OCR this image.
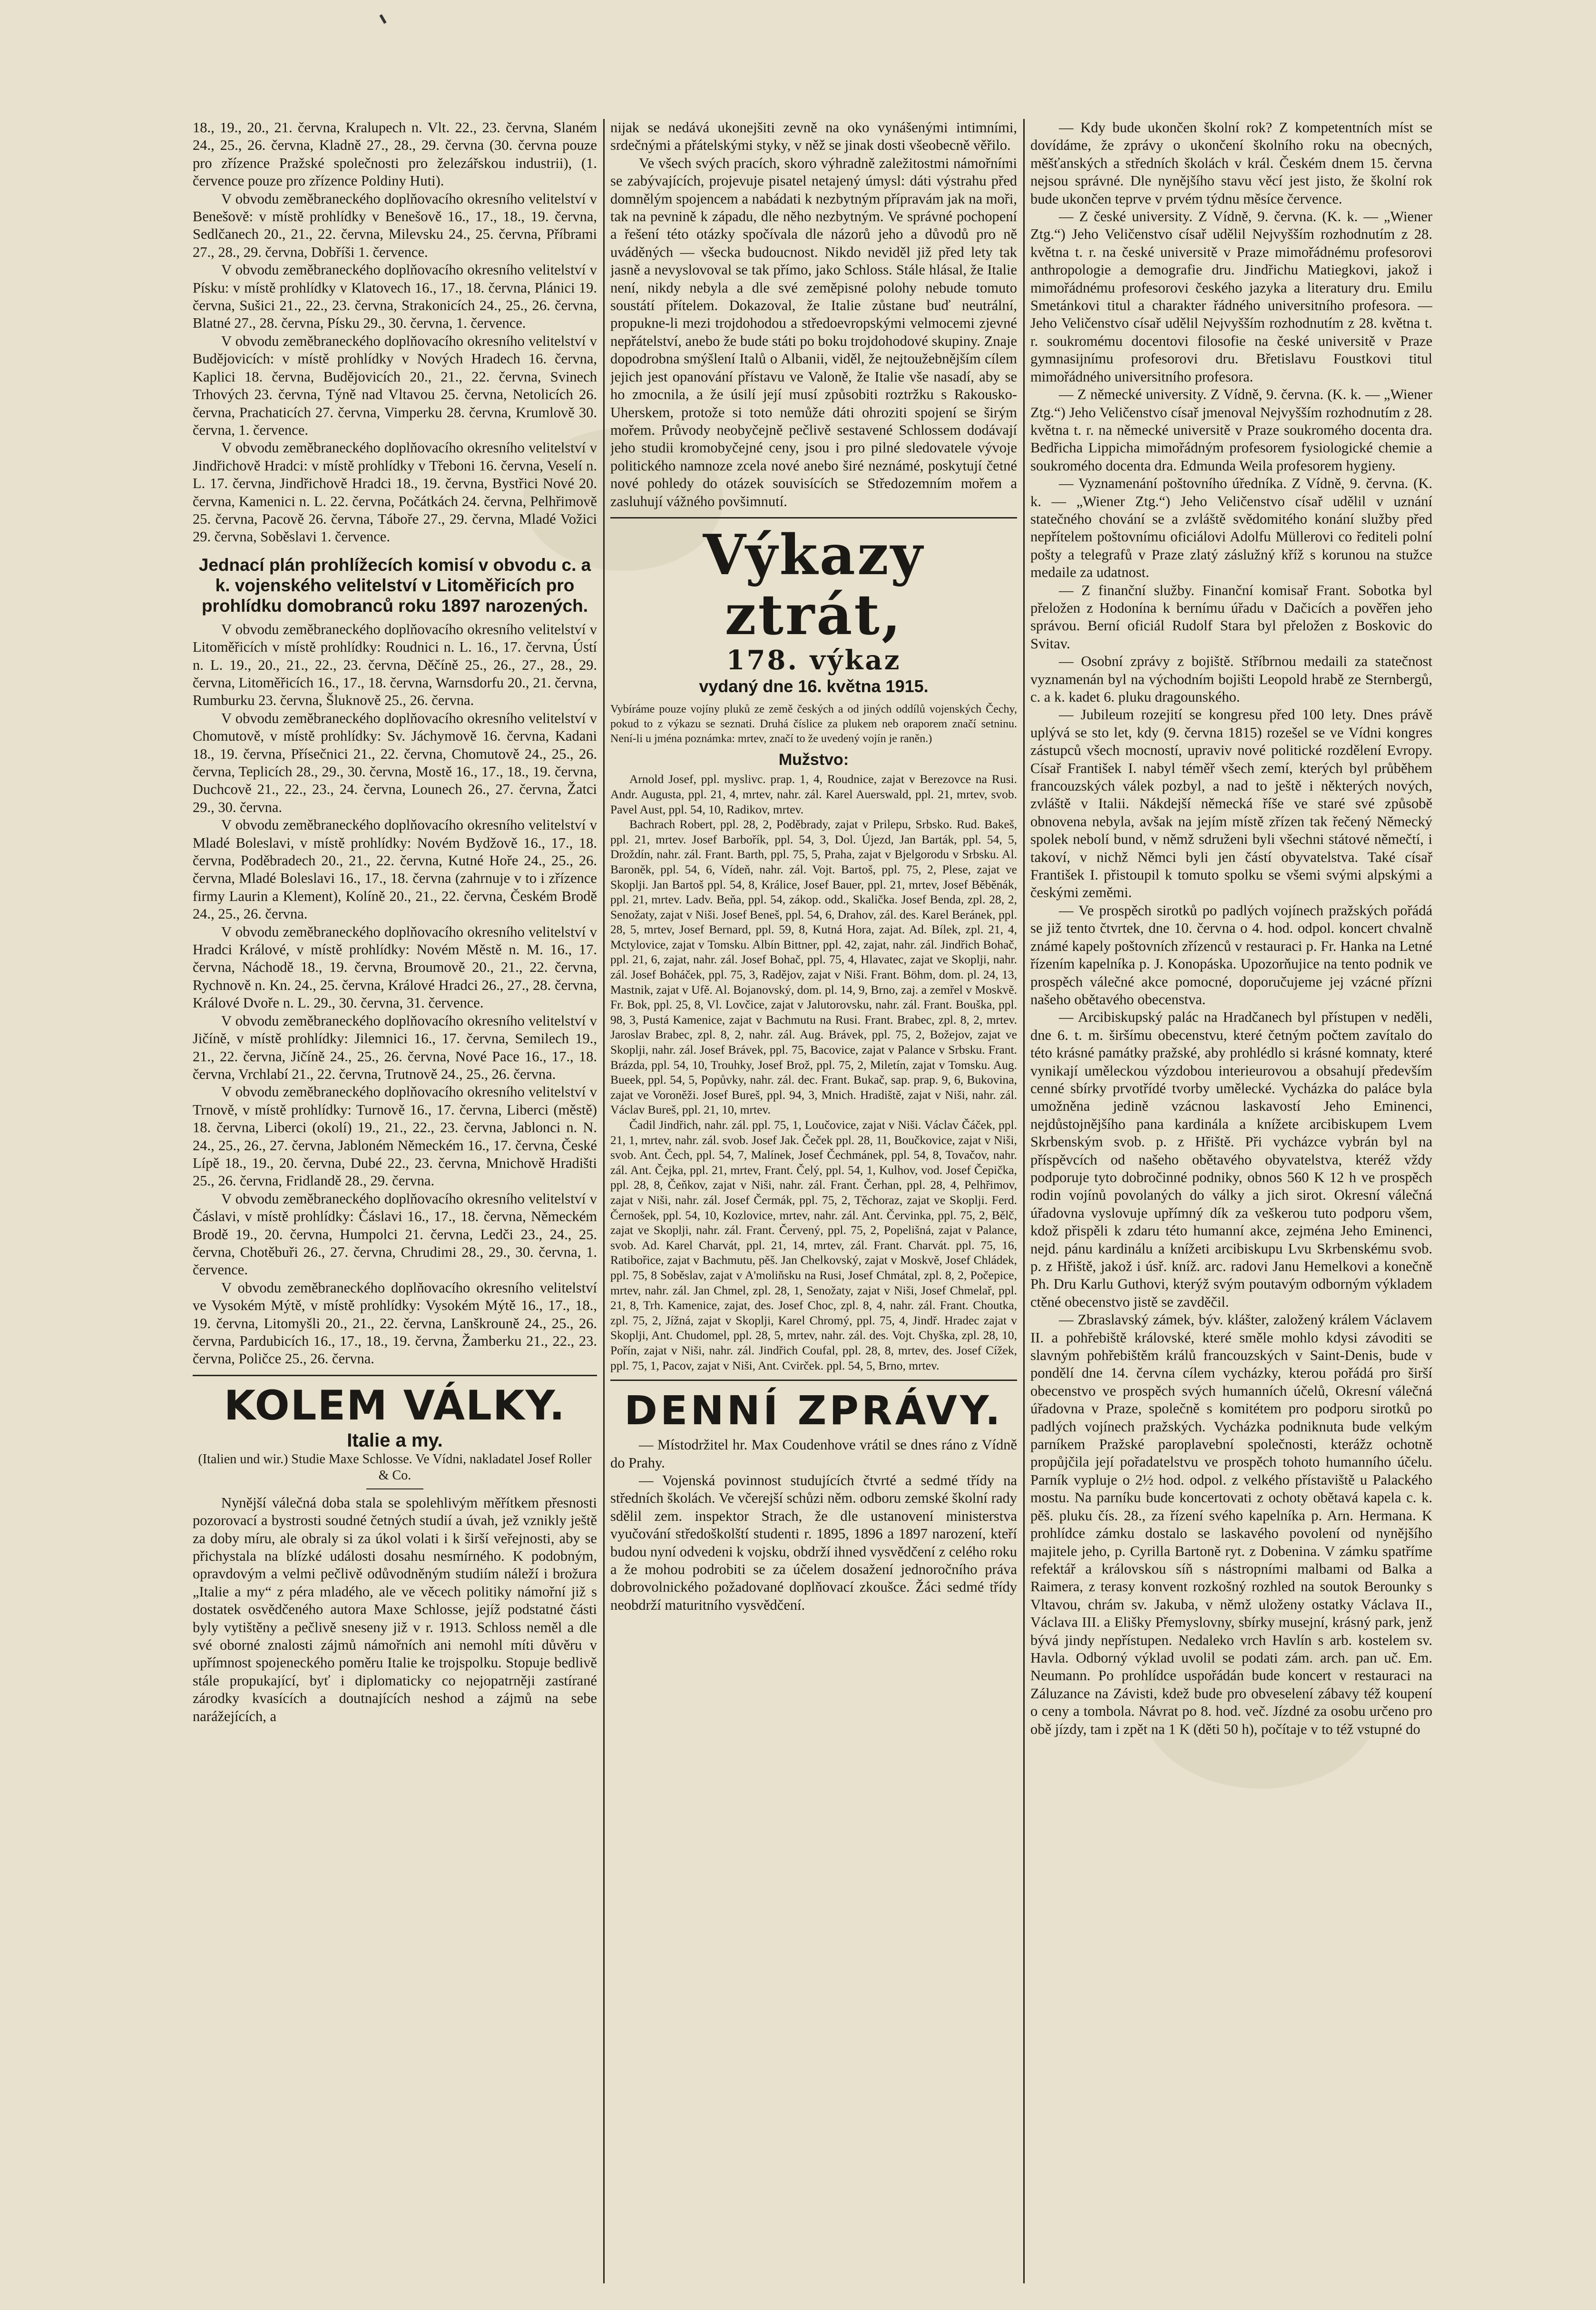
18., 19., 20., 21. června, Kralupech n. Vlt. 22., 23. června, Slaném 24., 25., 26. června, Kladně 27., 28., 29. června (30. června pouze pro zřízence Pražské společnosti pro železářskou industrii), (1. července pouze pro zřízence Poldiny Huti).

V obvodu zeměbraneckého doplňovacího okresního velitelství v Benešově: v místě prohlídky v Benešově 16., 17., 18., 19. června, Sedlčanech 20., 21., 22. června, Milevsku 24., 25. června, Příbrami 27., 28., 29. června, Dobříši 1. července.

V obvodu zeměbraneckého doplňovacího okresního velitelství v Písku: v místě prohlídky v Klatovech 16., 17., 18. června, Plánici 19. června, Sušici 21., 22., 23. června, Strakonicích 24., 25., 26. června, Blatné 27., 28. června, Písku 29., 30. června, 1. července.

V obvodu zeměbraneckého doplňovacího okresního velitelství v Budějovicích: v místě prohlídky v Nových Hradech 16. června, Kaplici 18. června, Budějovicích 20., 21., 22. června, Svinech Trhových 23. června, Týně nad Vltavou 25. června, Netolicích 26. června, Prachaticích 27. června, Vimperku 28. června, Krumlově 30. června, 1. července.

V obvodu zeměbraneckého doplňovacího okresního velitelství v Jindřichově Hradci: v místě prohlídky v Třeboni 16. června, Veselí n. L. 17. června, Jindřichově Hradci 18., 19. června, Bystřici Nové 20. června, Kamenici n. L. 22. června, Počátkách 24. června, Pelhřimově 25. června, Pacově 26. června, Táboře 27., 29. června, Mladé Vožici 29. června, Soběslavi 1. července.

Jednací plán prohlížecích komisí v obvodu c. a k. vojenského velitelství v Litoměřicích pro prohlídku domobranců roku 1897 narozených.

V obvodu zeměbraneckého doplňovacího okresního velitelství v Litoměřicích v místě prohlídky: Roudnici n. L. 16., 17. června, Ústí n. L. 19., 20., 21., 22., 23. června, Děčíně 25., 26., 27., 28., 29. června, Litoměřicích 16., 17., 18. června, Warnsdorfu 20., 21. června, Rumburku 23. června, Šluknově 25., 26. června.

V obvodu zeměbraneckého doplňovacího okresního velitelství v Chomutově, v místě prohlídky: Sv. Jáchymově 16. června, Kadani 18., 19. června, Přísečnici 21., 22. června, Chomutově 24., 25., 26. června, Teplicích 28., 29., 30. června, Mostě 16., 17., 18., 19. června, Duchcově 21., 22., 23., 24. června, Lounech 26., 27. června, Žatci 29., 30. června.

V obvodu zeměbraneckého doplňovacího okresního velitelství v Mladé Boleslavi, v místě prohlídky: Novém Bydžově 16., 17., 18. června, Poděbradech 20., 21., 22. června, Kutné Hoře 24., 25., 26. června, Mladé Boleslavi 16., 17., 18. června (zahrnuje v to i zřízence firmy Laurin a Klement), Kolíně 20., 21., 22. června, Českém Brodě 24., 25., 26. června.

V obvodu zeměbraneckého doplňovacího okresního velitelství v Hradci Králové, v místě prohlídky: Novém Městě n. M. 16., 17. června, Náchodě 18., 19. června, Broumově 20., 21., 22. června, Rychnově n. Kn. 24., 25. června, Králové Hradci 26., 27., 28. června, Králové Dvoře n. L. 29., 30. června, 31. července.

V obvodu zeměbraneckého doplňovacího okresního velitelství v Jičíně, v místě prohlídky: Jilemnici 16., 17. června, Semilech 19., 21., 22. června, Jičíně 24., 25., 26. června, Nové Pace 16., 17., 18. června, Vrchlabí 21., 22. června, Trutnově 24., 25., 26. června.

V obvodu zeměbraneckého doplňovacího okresního velitelství v Trnově, v místě prohlídky: Turnově 16., 17. června, Liberci (městě) 18. června, Liberci (okolí) 19., 21., 22., 23. června, Jablonci n. N. 24., 25., 26., 27. června, Jabloném Německém 16., 17. června, České Lípě 18., 19., 20. června, Dubé 22., 23. června, Mnichově Hradišti 25., 26. června, Fridlandě 28., 29. června.

V obvodu zeměbraneckého doplňovacího okresního velitelství v Čáslavi, v místě prohlídky: Čáslavi 16., 17., 18. června, Německém Brodě 19., 20. června, Humpolci 21. června, Ledči 23., 24., 25. června, Chotěbuři 26., 27. června, Chrudimi 28., 29., 30. června, 1. července.

V obvodu zeměbraneckého doplňovacího okresního velitelství ve Vysokém Mýtě, v místě prohlídky: Vysokém Mýtě 16., 17., 18., 19. června, Litomyšli 20., 21., 22. června, Lanškrouně 24., 25., 26. června, Pardubicích 16., 17., 18., 19. června, Žamberku 21., 22., 23. června, Poličce 25., 26. června.

KOLEM VÁLKY.
Italie a my.
(Italien und wir.) Studie Maxe Schlosse. Ve Vídni, nakladatel Josef Roller & Co.

Nynější válečná doba stala se spolehlivým měřítkem přesnosti pozorovací a bystrosti soudné četných studií a úvah, jež vznikly ještě za doby míru, ale obraly si za úkol volati i k širší veřejnosti, aby se přichystala na blízké události dosahu nesmírného. K podobným, opravdovým a velmi pečlivě odůvodněným studiím náleží i brožura „Italie a my“ z péra mladého, ale ve věcech politiky námořní již s dostatek osvědčeného autora Maxe Schlosse, jejíž podstatné části byly vytištěny a pečlivě sneseny již v r. 1913. Schloss neměl a dle své oborné znalosti zájmů námořních ani nemohl míti důvěru v upřímnost spojeneckého poměru Italie ke trojspolku. Stopuje bedlivě stále propukající, byť i diplomaticky co nejopatrněji zastírané zárodky kvasících a doutnajících neshod a zájmů na sebe narážejících, a

nijak se nedává ukonejšiti zevně na oko vynášenými intimními, srdečnými a přátelskými styky, v něž se jinak dosti všeobecně věřilo.

Ve všech svých pracích, skoro výhradně zaležitostmi námořními se zabývajících, projevuje pisatel netajený úmysl: dáti výstrahu před domnělým spojencem a nabádati k nezbytným přípravám jak na moři, tak na pevnině k západu, dle něho nezbytným. Ve správné pochopení a řešení této otázky spočívala dle názorů jeho a důvodů pro ně uváděných — všecka budoucnost. Nikdo neviděl již před lety tak jasně a nevyslovoval se tak přímo, jako Schloss. Stále hlásal, že Italie není, nikdy nebyla a dle své zeměpisné polohy nebude tomuto soustátí přítelem. Dokazoval, že Italie zůstane buď neutrální, propukne-li mezi trojdohodou a středoevropskými velmocemi zjevné nepřátelství, anebo že bude státi po boku trojdohodové skupiny. Znaje dopodrobna smýšlení Italů o Albanii, viděl, že nejtoužebnějším cílem jejich jest opanování přístavu ve Valoně, že Italie vše nasadí, aby se ho zmocnila, a že úsilí její musí způsobiti roztržku s Rakousko-Uherskem, protože si toto nemůže dáti ohroziti spojení se širým mořem. Průvody neobyčejně pečlivě sestavené Schlossem dodávají jeho studii kromobyčejné ceny, jsou i pro pilné sledovatele vývoje politického namnoze zcela nové anebo širé neznámé, poskytují četné nové pohledy do otázek souvisících se Středozemním mořem a zasluhují vážného povšimnutí.

Výkazy ztrát,
178. výkaz
vydaný dne 16. května 1915.
Vybíráme pouze vojíny pluků ze země českých a od jiných oddílů vojenských Čechy, pokud to z výkazu se seznati. Druhá číslice za plukem neb oraporem značí setninu. Není-li u jména poznámka: mrtev, značí to že uvedený vojín je raněn.)
Mužstvo:

Arnold Josef, ppl. myslivc. prap. 1, 4, Roudnice, zajat v Berezovce na Rusi. Andr. Augusta, ppl. 21, 4, mrtev, nahr. zál. Karel Auerswald, ppl. 21, mrtev, svob. Pavel Aust, ppl. 54, 10, Radikov, mrtev.

Bachrach Robert, ppl. 28, 2, Poděbrady, zajat v Prilepu, Srbsko. Rud. Bakeš, ppl. 21, mrtev. Josef Barbořík, ppl. 54, 3, Dol. Újezd, Jan Barták, ppl. 54, 5, Droždín, nahr. zál. Frant. Barth, ppl. 75, 5, Praha, zajat v Bjelgorodu v Srbsku. Al. Baroněk, ppl. 54, 6, Vídeň, nahr. zál. Vojt. Bartoš, ppl. 75, 2, Plese, zajat ve Skoplji. Jan Bartoš ppl. 54, 8, Králice, Josef Bauer, ppl. 21, mrtev, Josef Běběnák, ppl. 21, mrtev. Ladv. Beňa, ppl. 54, zákop. odd., Skalička. Josef Benda, zpl. 28, 2, Senožaty, zajat v Niši. Josef Beneš, ppl. 54, 6, Drahov, zál. des. Karel Beránek, ppl. 28, 5, mrtev, Josef Bernard, ppl. 59, 8, Kutná Hora, zajat. Ad. Bílek, zpl. 21, 4, Mctylovice, zajat v Tomsku. Albín Bittner, ppl. 42, zajat, nahr. zál. Jindřich Bohač, ppl. 21, 6, zajat, nahr. zál. Josef Bohač, ppl. 75, 4, Hlavatec, zajat ve Skoplji, nahr. zál. Josef Boháček, ppl. 75, 3, Radějov, zajat v Niši. Frant. Böhm, dom. pl. 24, 13, Mastnik, zajat v Ufě. Al. Bojanovský, dom. pl. 14, 9, Brno, zaj. a zemřel v Moskvě. Fr. Bok, ppl. 25, 8, Vl. Lovčice, zajat v Jalutorovsku, nahr. zál. Frant. Bouška, ppl. 98, 3, Pustá Kamenice, zajat v Bachmutu na Rusi. Frant. Brabec, zpl. 8, 2, mrtev. Jaroslav Brabec, zpl. 8, 2, nahr. zál. Aug. Brávek, ppl. 75, 2, Božejov, zajat ve Skoplji, nahr. zál. Josef Brávek, ppl. 75, Bacovice, zajat v Palance v Srbsku. Frant. Brázda, ppl. 54, 10, Trouhky, Josef Brož, ppl. 75, 2, Miletín, zajat v Tomsku. Aug. Bueek, ppl. 54, 5, Popůvky, nahr. zál. dec. Frant. Bukač, sap. prap. 9, 6, Bukovina, zajat ve Voroněži. Josef Bureš, ppl. 94, 3, Mnich. Hradiště, zajat v Niši, nahr. zál. Václav Bureš, ppl. 21, 10, mrtev.

Čadil Jindřich, nahr. zál. ppl. 75, 1, Loučovice, zajat v Niši. Václav Čáček, ppl. 21, 1, mrtev, nahr. zál. svob. Josef Jak. Čeček ppl. 28, 11, Boučkovice, zajat v Niši, svob. Ant. Čech, ppl. 54, 7, Malínek, Josef Čechmánek, ppl. 54, 8, Tovačov, nahr. zál. Ant. Čejka, ppl. 21, mrtev, Frant. Čelý, ppl. 54, 1, Kulhov, vod. Josef Čepička, ppl. 28, 8, Čeňkov, zajat v Niši, nahr. zál. Frant. Čerhan, ppl. 28, 4, Pelhřimov, zajat v Niši, nahr. zál. Josef Čermák, ppl. 75, 2, Těchoraz, zajat ve Skoplji. Ferd. Černošek, ppl. 54, 10, Kozlovice, mrtev, nahr. zál. Ant. Červinka, ppl. 75, 2, Bělč, zajat ve Skoplji, nahr. zál. Frant. Červený, ppl. 75, 2, Popelišná, zajat v Palance, svob. Ad. Karel Charvát, ppl. 21, 14, mrtev, zál. Frant. Charvát. ppl. 75, 16, Ratibořice, zajat v Bachmutu, pěš. Jan Chelkovský, zajat v Moskvě, Josef Chládek, ppl. 75, 8 Soběslav, zajat v A'moliňsku na Rusi, Josef Chmátal, zpl. 8, 2, Počepice, mrtev, nahr. zál. Jan Chmel, zpl. 28, 1, Senožaty, zajat v Niši, Josef Chmelař, ppl. 21, 8, Trh. Kamenice, zajat, des. Josef Choc, zpl. 8, 4, nahr. zál. Frant. Choutka, zpl. 75, 2, Jížná, zajat v Skoplji, Karel Chromý, ppl. 75, 4, Jindř. Hradec zajat v Skoplji, Ant. Chudomel, ppl. 28, 5, mrtev, nahr. zál. des. Vojt. Chyška, zpl. 28, 10, Pořín, zajat v Niši, nahr. zál. Jindřich Coufal, ppl. 28, 8, mrtev, des. Josef Cížek, ppl. 75, 1, Pacov, zajat v Niši, Ant. Cvirček. ppl. 54, 5, Brno, mrtev.

DENNÍ ZPRÁVY.

— Místodržitel hr. Max Coudenhove vrátil se dnes ráno z Vídně do Prahy.

— Vojenská povinnost studujících čtvrté a sedmé třídy na středních školách. Ve včerejší schůzi něm. odboru zemské školní rady sdělil zem. inspektor Strach, že dle ustanovení ministerstva vyučování středoškolští studenti r. 1895, 1896 a 1897 narození, kteří budou nyní odvedeni k vojsku, obdrží ihned vysvědčení z celého roku a že mohou podrobiti se za účelem dosažení jednoročního práva dobrovolnického požadované doplňovací zkoušce. Žáci sedmé třídy neobdrží maturitního vysvědčení.

— Kdy bude ukončen školní rok? Z kompetentních míst se dovídáme, že zprávy o ukončení školního roku na obecných, měšťanských a středních školách v král. Českém dnem 15. června nejsou správné. Dle nynějšího stavu věcí jest jisto, že školní rok bude ukončen teprve v prvém týdnu měsíce července.

— Z české university. Z Vídně, 9. června. (K. k. — „Wiener Ztg.“) Jeho Veličenstvo císař udělil Nejvyšším rozhodnutím z 28. května t. r. na české universitě v Praze mimořádnému profesorovi anthropologie a demografie dru. Jindřichu Matiegkovi, jakož i mimořádnému profesorovi českého jazyka a literatury dru. Emilu Smetánkovi titul a charakter řádného universitního profesora. — Jeho Veličenstvo císař udělil Nejvyšším rozhodnutím z 28. května t. r. soukromému docentovi filosofie na české universitě v Praze gymnasijnímu profesorovi dru. Břetislavu Foustkovi titul mimořádného universitního profesora.

— Z německé university. Z Vídně, 9. června. (K. k. — „Wiener Ztg.“) Jeho Veličenstvo císař jmenoval Nejvyšším rozhodnutím z 28. května t. r. na německé universitě v Praze soukromého docenta dra. Bedřicha Lippicha mimořádným profesorem fysiologické chemie a soukromého docenta dra. Edmunda Weila profesorem hygieny.

— Vyznamenání poštovního úředníka. Z Vídně, 9. června. (K. k. — „Wiener Ztg.“) Jeho Veličenstvo císař udělil v uznání statečného chování se a zvláště svědomitého konání služby před nepřítelem poštovnímu oficiálovi Adolfu Müllerovi co řediteli polní pošty a telegrafů v Praze zlatý záslužný kříž s korunou na stužce medaile za udatnost.

— Z finanční služby. Finanční komisař Frant. Sobotka byl přeložen z Hodonína k bernímu úřadu v Dačicích a pověřen jeho správou. Berní oficiál Rudolf Stara byl přeložen z Boskovic do Svitav.

— Osobní zprávy z bojiště. Stříbrnou medaili za statečnost vyznamenán byl na východním bojišti Leopold hrabě ze Sternbergů, c. a k. kadet 6. pluku dragounského.

— Jubileum rozejití se kongresu před 100 lety. Dnes právě uplývá se sto let, kdy (9. června 1815) rozešel se ve Vídni kongres zástupců všech mocností, upraviv nové politické rozdělení Evropy. Císař František I. nabyl téměř všech zemí, kterých byl průběhem francouzských válek pozbyl, a nad to ještě i některých nových, zvláště v Italii. Nákdejší německá říše ve staré své způsobě obnovena nebyla, avšak na jejím místě zřízen tak řečený Německý spolek nebolí bund, v němž sdruženi byli všechni státové němečtí, i takoví, v nichž Němci byli jen částí obyvatelstva. Také císař František I. přistoupil k tomuto spolku se všemi svými alpskými a českými zeměmi.

— Ve prospěch sirotků po padlých vojínech pražských pořádá se již tento čtvrtek, dne 10. června o 4. hod. odpol. koncert chvalně známé kapely poštovních zřízenců v restauraci p. Fr. Hanka na Letné řízením kapelníka p. J. Konopáska. Upozorňujice na tento podnik ve prospěch válečné akce pomocné, doporučujeme jej vzácné přízni našeho obětavého obecenstva.

— Arcibiskupský palác na Hradčanech byl přístupen v neděli, dne 6. t. m. širšímu obecenstvu, které četným počtem zavítalo do této krásné památky pražské, aby prohlédlo si krásné komnaty, které vynikají uměleckou výzdobou interieurovou a obsahují především cenné sbírky prvotřídé tvorby umělecké. Vycházka do paláce byla umožněna jedině vzácnou laskavostí Jeho Eminenci, nejdůstojnějšího pana kardinála a knížete arcibiskupem Lvem Skrbenským svob. p. z Hřiště. Při vycházce vybrán byl na příspěvcích od našeho obětavého obyvatelstva, kteréž vždy podporuje tyto dobročinné podniky, obnos 560 K 12 h ve prospěch rodin vojínů povolaných do války a jich sirot. Okresní válečná úřadovna vyslovuje upřímný dík za veškerou tuto podporu všem, kdož přispěli k zdaru této humanní akce, zejména Jeho Eminenci, nejd. pánu kardinálu a knížeti arcibiskupu Lvu Skrbenskému svob. p. z Hřiště, jakož i úsř. kníž. arc. radovi Janu Hemelkovi a konečně Ph. Dru Karlu Guthovi, kterýž svým poutavým odborným výkladem ctěné obecenstvo jistě se zavděčil.

— Zbraslavský zámek, býv. klášter, založený králem Václavem II. a pohřebiště královské, které směle mohlo kdysi závoditi se slavným pohřebištěm králů francouzských v Saint-Denis, bude v pondělí dne 14. června cílem vycházky, kterou pořádá pro širší obecenstvo ve prospěch svých humanních účelů, Okresní válečná úřadovna v Praze, společně s komitétem pro podporu sirotků po padlých vojínech pražských. Vycházka podniknuta bude velkým parníkem Pražské paroplavební společnosti, kterážz ochotně propůjčila její pořadatelstvu ve prospěch tohoto humanního účelu. Parník vypluje o 2½ hod. odpol. z velkého přístaviště u Palackého mostu. Na parníku bude koncertovati z ochoty obětavá kapela c. k. pěš. pluku čís. 28., za řízení svého kapelníka p. Arn. Hermana. K prohlídce zámku dostalo se laskavého povolení od nynějšího majitele jeho, p. Cyrilla Bartoně ryt. z Dobenina. V zámku spatříme refektář a královskou síň s nástropními malbami od Balka a Raimera, z terasy konvent rozkošný rozhled na soutok Berounky s Vltavou, chrám sv. Jakuba, v němž uloženy ostatky Václava II., Václava III. a Elišky Přemyslovny, sbírky musejní, krásný park, jenž bývá jindy nepřístupen. Nedaleko vrch Havlín s arb. kostelem sv. Havla. Odborný výklad uvolil se podati zám. arch. pan uč. Em. Neumann. Po prohlídce uspořádán bude koncert v restauraci na Záluzance na Závisti, kdež bude pro obveselení zábavy též koupení o ceny a tombola. Návrat po 8. hod. več. Jízdné za osobu určeno pro obě jízdy, tam i zpět na 1 K (děti 50 h), počítaje v to též vstupné do
